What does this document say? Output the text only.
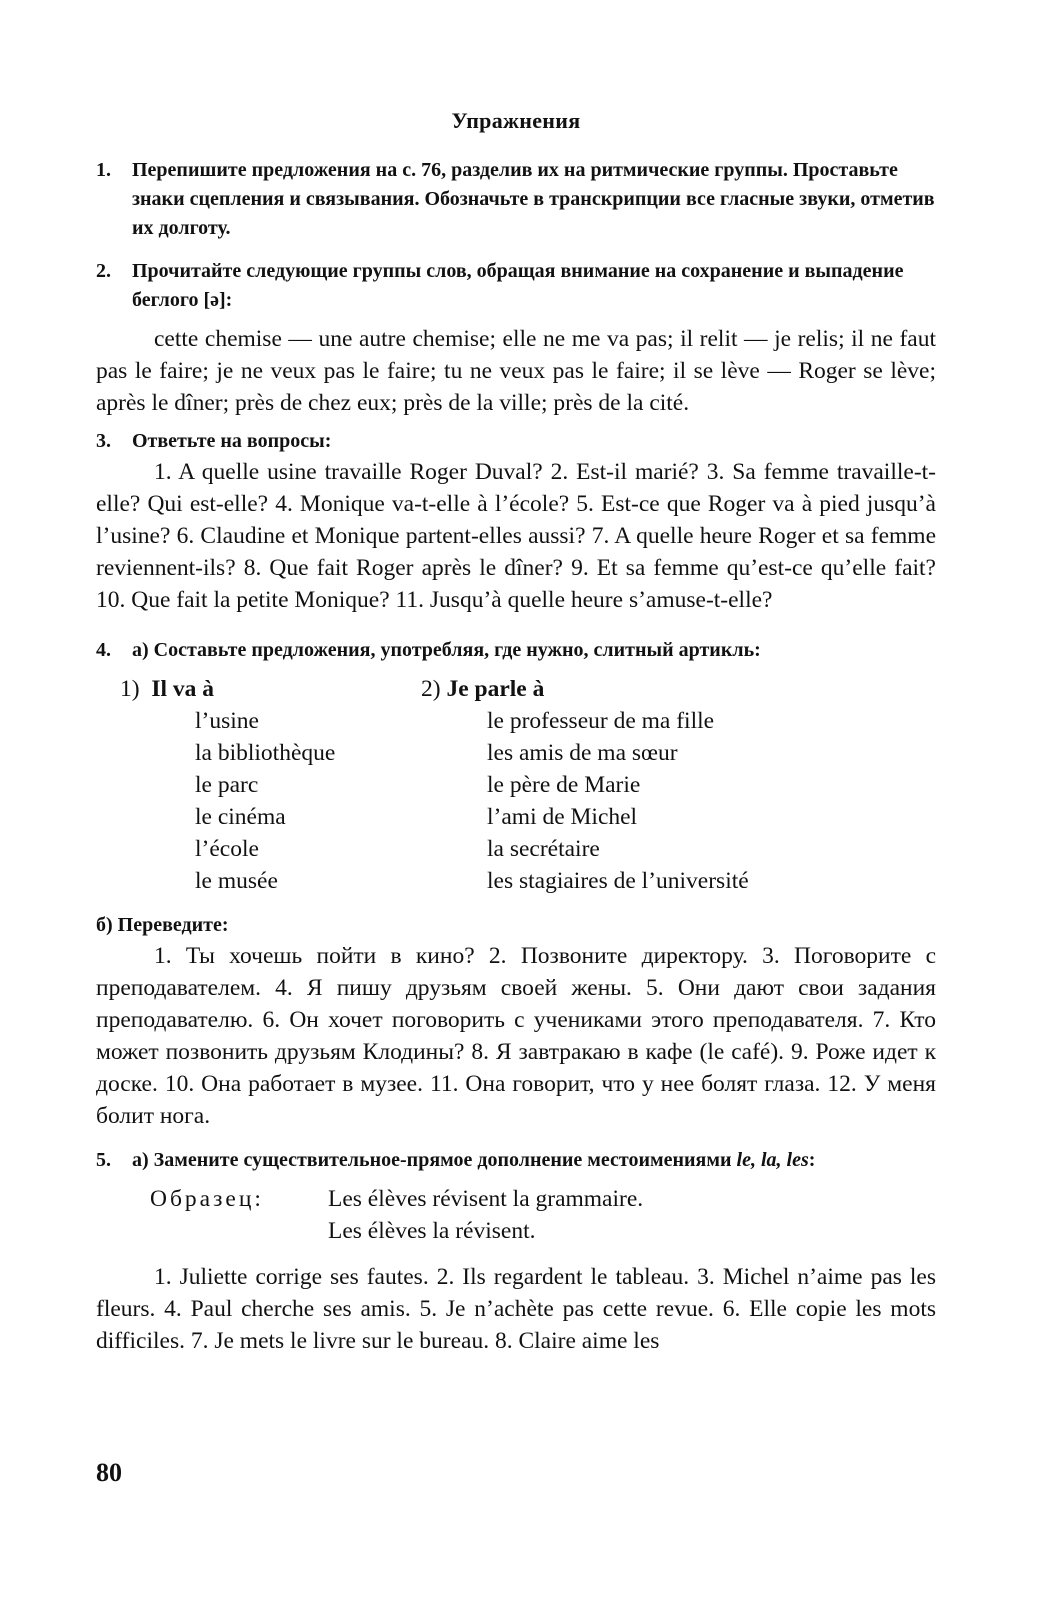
Упражнения

1. Перепишите предложения на с. 76, разделив их на ритмические группы. Проставьте знаки сцепления и связывания. Обозначьте в транскрипции все гласные звуки, отметив их долготу.

2. Прочитайте следующие группы слов, обращая внимание на сохранение и выпадение беглого [ə]:

cette chemise — une autre chemise; elle ne me va pas; il relit — je relis; il ne faut pas le faire; je ne veux pas le faire; tu ne veux pas le faire; il se lève — Roger se lève; après le dîner; près de chez eux; près de la ville; près de la cité.

3. Ответьте на вопросы:

1. A quelle usine travaille Roger Duval? 2. Est-il marié? 3. Sa femme travaille-t-elle? Qui est-elle? 4. Monique va-t-elle à l’école? 5. Est-ce que Roger va à pied jusqu’à l’usine? 6. Claudine et Monique partent-elles aussi? 7. A quelle heure Roger et sa femme reviennent-ils? 8. Que fait Roger après le dîner? 9. Et sa femme qu’est-ce qu’elle fait? 10. Que fait la petite Monique? 11. Jusqu’à quelle heure s’amuse-t-elle?

4. а) Составьте предложения, употребляя, где нужно, слитный артикль:

1) Il va à
l’usine
la bibliothèque
le parc
le cinéma
l’école
le musée
2) Je parle à
le professeur de ma fille
les amis de ma sœur
le père de Marie
l’ami de Michel
la secrétaire
les stagiaires de l’université

б) Переведите:

1. Ты хочешь пойти в кино? 2. Позвоните директору. 3. Поговорите с преподавателем. 4. Я пишу друзьям своей жены. 5. Они дают свои задания преподавателю. 6. Он хочет поговорить с учениками этого преподавателя. 7. Кто может позвонить друзьям Клодины? 8. Я завтракаю в кафе (le café). 9. Роже идет к доске. 10. Она работает в музее. 11. Она говорит, что у нее болят глаза. 12. У меня болит нога.

5. а) Замените существительное-прямое дополнение местоимениями le, la, les:

Образец:	Les élèves révisent la grammaire.
Les élèves la révisent.

1. Juliette corrige ses fautes. 2. Ils regardent le tableau. 3. Michel n’aime pas les fleurs. 4. Paul cherche ses amis. 5. Je n’achète pas cette revue. 6. Elle copie les mots difficiles. 7. Je mets le livre sur le bureau. 8. Claire aime les

80
